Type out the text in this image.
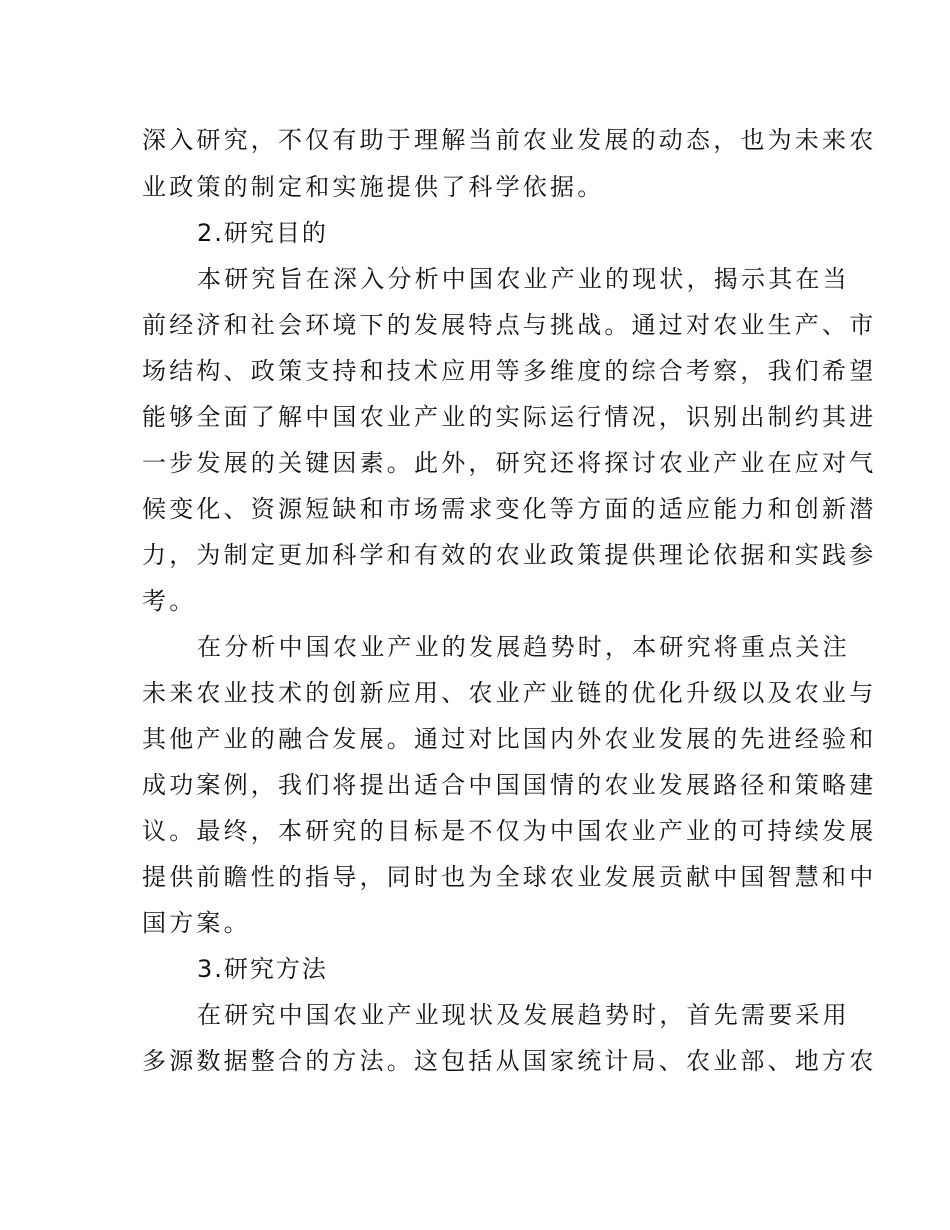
深入研究，不仅有助于理解当前农业发展的动态，也为未来农
业政策的制定和实施提供了科学依据。
2.研究目的
本研究旨在深入分析中国农业产业的现状，揭示其在当
前经济和社会环境下的发展特点与挑战。通过对农业生产、市
场结构、政策支持和技术应用等多维度的综合考察，我们希望
能够全面了解中国农业产业的实际运行情况，识别出制约其进
一步发展的关键因素。此外，研究还将探讨农业产业在应对气
候变化、资源短缺和市场需求变化等方面的适应能力和创新潜
力，为制定更加科学和有效的农业政策提供理论依据和实践参
考。
在分析中国农业产业的发展趋势时，本研究将重点关注
未来农业技术的创新应用、农业产业链的优化升级以及农业与
其他产业的融合发展。通过对比国内外农业发展的先进经验和
成功案例，我们将提出适合中国国情的农业发展路径和策略建
议。最终，本研究的目标是不仅为中国农业产业的可持续发展
提供前瞻性的指导，同时也为全球农业发展贡献中国智慧和中
国方案。
3.研究方法
在研究中国农业产业现状及发展趋势时，首先需要采用
多源数据整合的方法。这包括从国家统计局、农业部、地方农
